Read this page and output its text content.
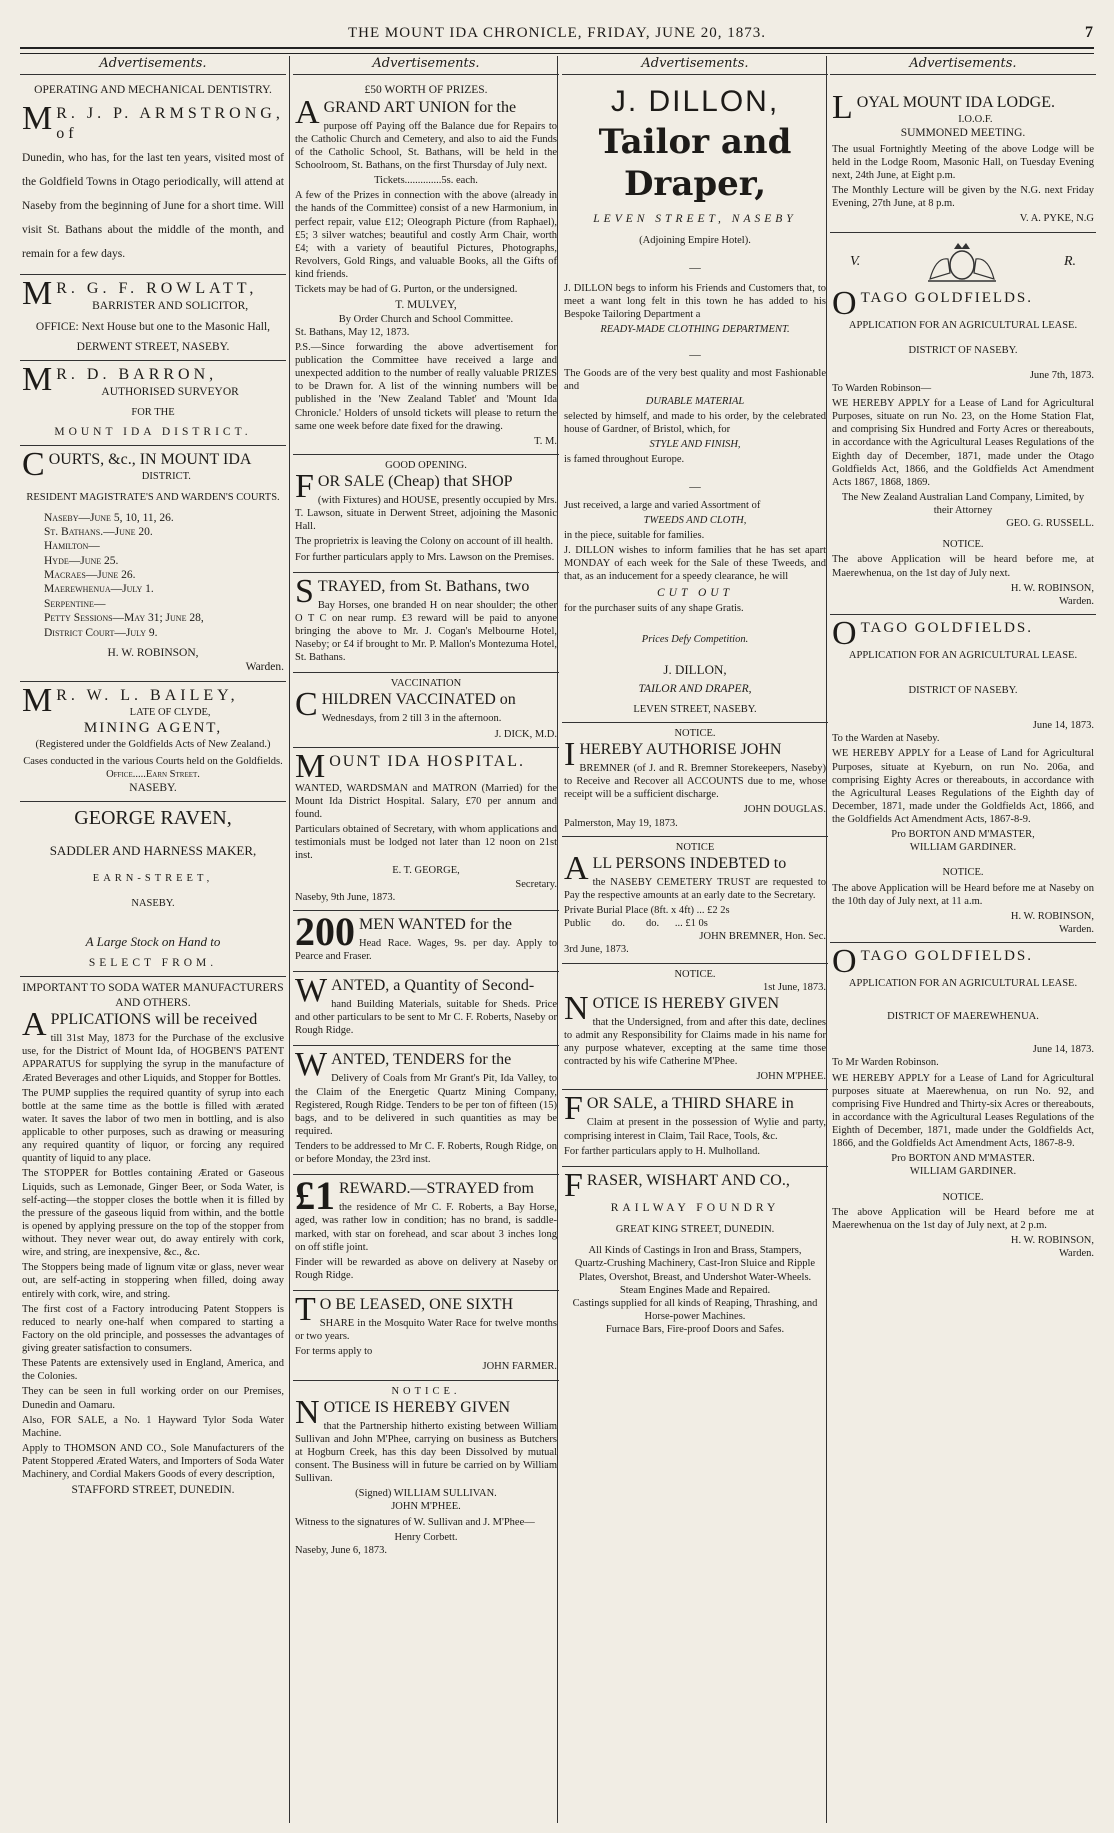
THE MOUNT IDA CHRONICLE, FRIDAY, JUNE 20, 1873.	7
Advertisements.
OPERATING AND MECHANICAL DENTISTRY.
M R. J. P. ARMSTRONG, of

Dunedin, who has, for the last ten years, visited most of the Goldfield Towns in Otago periodically, will attend at Naseby from the beginning of June for a short time. Will visit St. Bathans about the middle of the month, and remain for a few days.

M R. G. F. ROWLATT,
BARRISTER AND SOLICITOR,
OFFICE: Next House but one to the Masonic Hall,
DERWENT STREET, NASEBY.
M R. D. BARRON,
AUTHORISED SURVEYOR
FOR THE
MOUNT IDA DISTRICT.
COURTS, &c., IN MOUNT IDA
DISTRICT.
RESIDENT MAGISTRATE'S AND WARDEN'S COURTS.
Naseby—June 5, 10, 11, 26.
St. Bathans.—June 20.
Hamilton—
Hyde—June 25.
Macraes—June 26.
Maerewhenua—July 1.
Serpentine—
Petty Sessions—May 31; June 28,
District Court—July 9.
H. W. ROBINSON,
Warden.
M R. W. L. BAILEY,
LATE OF CLYDE,
MINING AGENT,
(Registered under the Goldfields Acts of New Zealand.)
Cases conducted in the various Courts held on the Goldfields.
Office.....Earn Street.
NASEBY.
GEORGE RAVEN,
SADDLER AND HARNESS MAKER,
EARN-STREET,
NASEBY.
A Large Stock on Hand to
SELECT FROM.
IMPORTANT TO SODA WATER MANUFACTURERS AND OTHERS.
APPLICATIONS will be received

till 31st May, 1873 for the Purchase of the exclusive use, for the District of Mount Ida, of HOGBEN'S PATENT APPARATUS for supplying the syrup in the manufacture of Ærated Beverages and other Liquids, and Stopper for Bottles.

The PUMP supplies the required quantity of syrup into each bottle at the same time as the bottle is filled with ærated water. It saves the labor of two men in bottling, and is also applicable to other purposes, such as drawing or measuring any required quantity of liquor, or forcing any required quantity of liquid to any place.

The STOPPER for Bottles containing Ærated or Gaseous Liquids, such as Lemonade, Ginger Beer, or Soda Water, is self-acting—the stopper closes the bottle when it is filled by the pressure of the gaseous liquid from within, and the bottle is opened by applying pressure on the top of the stopper from without. They never wear out, do away entirely with cork, wire, and string, are inexpensive, &c., &c.

The Stoppers being made of lignum vitæ or glass, never wear out, are self-acting in stoppering when filled, doing away entirely with cork, wire, and string.

The first cost of a Factory introducing Patent Stoppers is reduced to nearly one-half when compared to starting a Factory on the old principle, and possesses the advantages of giving greater satisfaction to consumers.

These Patents are extensively used in England, America, and the Colonies.

They can be seen in full working order on our Premises, Dunedin and Oamaru.

Also, FOR SALE, a No. 1 Hayward Tylor Soda Water Machine.

Apply to THOMSON AND CO., Sole Manufacturers of the Patent Stoppered Ærated Waters, and Importers of Soda Water Machinery, and Cordial Makers Goods of every description,

STAFFORD STREET, DUNEDIN.
Advertisements.
£50 WORTH OF PRIZES.
AGRAND ART UNION for the

purpose off Paying off the Balance due for Repairs to the Catholic Church and Cemetery, and also to aid the Funds of the Catholic School, St. Bathans, will be held in the Schoolroom, St. Bathans, on the first Thursday of July next.

Tickets..............5s. each.

A few of the Prizes in connection with the above (already in the hands of the Committee) consist of a new Harmonium, in perfect repair, value £12; Oleograph Picture (from Raphael), £5; 3 silver watches; beautiful and costly Arm Chair, worth £4; with a variety of beautiful Pictures, Photographs, Revolvers, Gold Rings, and valuable Books, all the Gifts of kind friends.

Tickets may be had of G. Purton, or the undersigned.

T. MULVEY,
By Order Church and School Committee.
St. Bathans, May 12, 1873.

P.S.—Since forwarding the above advertisement for publication the Committee have received a large and unexpected addition to the number of really valuable PRIZES to be Drawn for. A list of the winning numbers will be published in the 'New Zealand Tablet' and 'Mount Ida Chronicle.' Holders of unsold tickets will please to return the same one week before date fixed for the drawing.

T. M.
GOOD OPENING.
FOR SALE (Cheap) that SHOP

(with Fixtures) and HOUSE, presently occupied by Mrs. T. Lawson, situate in Derwent Street, adjoining the Masonic Hall.

The proprietrix is leaving the Colony on account of ill health.

For further particulars apply to Mrs. Lawson on the Premises.

STRAYED, from St. Bathans, two

Bay Horses, one branded H on near shoulder; the other O T C on near rump. £3 reward will be paid to anyone bringing the above to Mr. J. Cogan's Melbourne Hotel, Naseby; or £4 if brought to Mr. P. Mallon's Montezuma Hotel, St. Bathans.

VACCINATION
CHILDREN VACCINATED on

Wednesdays, from 2 till 3 in the afternoon.

J. DICK, M.D.
MOUNT IDA HOSPITAL.

WANTED, WARDSMAN and MATRON (Married) for the Mount Ida District Hospital. Salary, £70 per annum and found.

Particulars obtained of Secretary, with whom applications and testimonials must be lodged not later than 12 noon on 21st inst.

E. T. GEORGE,
Secretary.
Naseby, 9th June, 1873.
200 MEN WANTED for the

Head Race. Wages, 9s. per day. Apply to Pearce and Fraser.

WANTED, a Quantity of Second-

hand Building Materials, suitable for Sheds. Price and other particulars to be sent to Mr C. F. Roberts, Naseby or Rough Ridge.

WANTED, TENDERS for the

Delivery of Coals from Mr Grant's Pit, Ida Valley, to the Claim of the Energetic Quartz Mining Company, Registered, Rough Ridge. Tenders to be per ton of fifteen (15) bags, and to be delivered in such quantities as may be required.

Tenders to be addressed to Mr C. F. Roberts, Rough Ridge, on or before Monday, the 23rd inst.

£1 REWARD.—STRAYED from

the residence of Mr C. F. Roberts, a Bay Horse, aged, was rather low in condition; has no brand, is saddle-marked, with star on forehead, and scar about 3 inches long on off stifle joint.

Finder will be rewarded as above on delivery at Naseby or Rough Ridge.

T O BE LEASED, ONE SIXTH

SHARE in the Mosquito Water Race for twelve months or two years.

For terms apply to

JOHN FARMER.
NOTICE.
NOTICE IS HEREBY GIVEN

that the Partnership hitherto existing between William Sullivan and John M'Phee, carrying on business as Butchers at Hogburn Creek, has this day been Dissolved by mutual consent. The Business will in future be carried on by William Sullivan.

(Signed) WILLIAM SULLIVAN.
JOHN M'PHEE.

Witness to the signatures of W. Sullivan and J. M'Phee—

Henry Corbett.
Naseby, June 6, 1873.
Advertisements.
J. DILLON,
Tailor and Draper,
LEVEN STREET, NASEBY
(Adjoining Empire Hotel).
—

J. DILLON begs to inform his Friends and Customers that, to meet a want long felt in this town he has added to his Bespoke Tailoring Department a

READY-MADE CLOTHING DEPARTMENT.
—

The Goods are of the very best quality and most Fashionable and

DURABLE MATERIAL

selected by himself, and made to his order, by the celebrated house of Gardner, of Bristol, which, for

STYLE AND FINISH,

is famed throughout Europe.

—

Just received, a large and varied Assortment of

TWEEDS AND CLOTH,

in the piece, suitable for families.

J. DILLON wishes to inform families that he has set apart MONDAY of each week for the Sale of these Tweeds, and that, as an inducement for a speedy clearance, he will

CUT OUT

for the purchaser suits of any shape Gratis.

Prices Defy Competition.
J. DILLON,
TAILOR AND DRAPER,
LEVEN STREET, NASEBY.
NOTICE.
IHEREBY AUTHORISE JOHN

BREMNER (of J. and R. Bremner Storekeepers, Naseby) to Receive and Recover all ACCOUNTS due to me, whose receipt will be a sufficient discharge.

JOHN DOUGLAS.
Palmerston, May 19, 1873.
NOTICE
ALL PERSONS INDEBTED to

the NASEBY CEMETERY TRUST are requested to Pay the respective amounts at an early date to the Secretary.

Private Burial Place (8ft. x 4ft) ... £2 2s
Public        do.        do.      ... £1 0s
JOHN BREMNER, Hon. Sec.
3rd June, 1873.
NOTICE.
1st June, 1873.
NOTICE IS HEREBY GIVEN

that the Undersigned, from and after this date, declines to admit any Responsibility for Claims made in his name for any purpose whatever, excepting at the same time those contracted by his wife Catherine M'Phee.

JOHN M'PHEE.
FOR SALE, a THIRD SHARE in

Claim at present in the possession of Wylie and party, comprising interest in Claim, Tail Race, Tools, &c.

For farther particulars apply to H. Mulholland.

FRASER, WISHART AND CO.,
RAILWAY FOUNDRY
GREAT KING STREET, DUNEDIN.
All Kinds of Castings in Iron and Brass, Stampers,
Quartz-Crushing Machinery, Cast-Iron Sluice and Ripple Plates, Overshot, Breast, and Undershot Water-Wheels.
Steam Engines Made and Repaired.
Castings supplied for all kinds of Reaping, Thrashing, and Horse-power Machines.
Furnace Bars, Fire-proof Doors and Safes.
Advertisements.
LOYAL MOUNT IDA LODGE.
I.O.O.F.
SUMMONED MEETING.

The usual Fortnightly Meeting of the above Lodge will be held in the Lodge Room, Masonic Hall, on Tuesday Evening next, 24th June, at Eight p.m.

The Monthly Lecture will be given by the N.G. next Friday Evening, 27th June, at 8 p.m.

V. A. PYKE, N.G
V.	R.
OTAGO GOLDFIELDS.
APPLICATION FOR AN AGRICULTURAL LEASE.
DISTRICT OF NASEBY.
June 7th, 1873.
To Warden Robinson—

WE HEREBY APPLY for a Lease of Land for Agricultural Purposes, situate on run No. 23, on the Home Station Flat, and comprising Six Hundred and Forty Acres or thereabouts, in accordance with the Agricultural Leases Regulations of the Eighth day of December, 1871, made under the Otago Goldfields Act, 1866, and the Goldfields Act Amendment Acts 1867, 1868, 1869.

The New Zealand Australian Land Company, Limited, by their Attorney
GEO. G. RUSSELL.
NOTICE.

The above Application will be heard before me, at Maerewhenua, on the 1st day of July next.

H. W. ROBINSON,
Warden.
OTAGO GOLDFIELDS.
APPLICATION FOR AN AGRICULTURAL LEASE.
DISTRICT OF NASEBY.
June 14, 1873.
To the Warden at Naseby.

WE HEREBY APPLY for a Lease of Land for Agricultural Purposes, situate at Kyeburn, on run No. 206a, and comprising Eighty Acres or thereabouts, in accordance with the Agricultural Leases Regulations of the Eighth day of December, 1871, made under the Goldfields Act, 1866, and the Goldfields Act Amendment Acts, 1867-8-9.

Pro BORTON AND M'MASTER,
WILLIAM GARDINER.
NOTICE.

The above Application will be Heard before me at Naseby on the 10th day of July next, at 11 a.m.

H. W. ROBINSON,
Warden.
OTAGO GOLDFIELDS.
APPLICATION FOR AN AGRICULTURAL LEASE.
DISTRICT OF MAEREWHENUA.
June 14, 1873.
To Mr Warden Robinson.

WE HEREBY APPLY for a Lease of Land for Agricultural purposes situate at Maerewhenua, on run No. 92, and comprising Five Hundred and Thirty-six Acres or thereabouts, in accordance with the Agricultural Leases Regulations of the Eighth of December, 1871, made under the Goldfields Act, 1866, and the Goldfields Act Amendment Acts, 1867-8-9.

Pro BORTON AND M'MASTER.
WILLIAM GARDINER.
NOTICE.

The above Application will be Heard before me at Maerewhenua on the 1st day of July next, at 2 p.m.

H. W. ROBINSON,
Warden.
